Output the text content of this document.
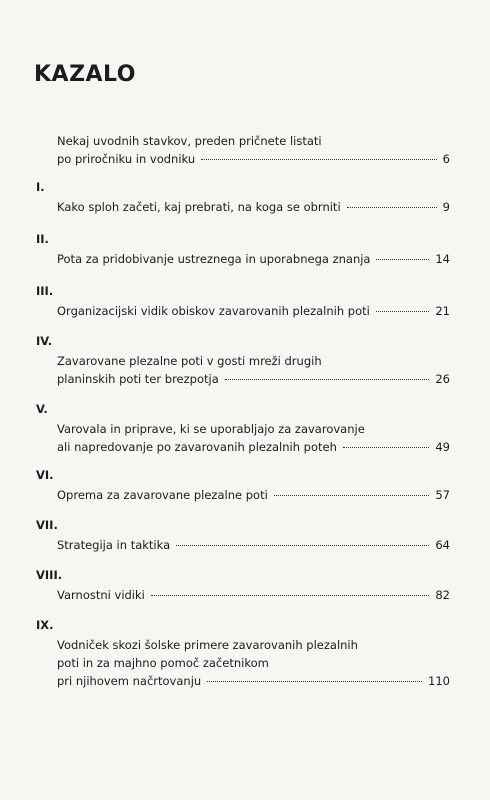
KAZALO
Nekaj uvodnih stavkov, preden pričnete listati
po priročniku in vodniku	6
I.
Kako sploh začeti, kaj prebrati, na koga se obrniti	9
II.
Pota za pridobivanje ustreznega in uporabnega znanja	14
III.
Organizacijski vidik obiskov zavarovanih plezalnih poti	21
IV.
Zavarovane plezalne poti v gosti mreži drugih
planinskih poti ter brezpotja	26
V.
Varovala in priprave, ki se uporabljajo za zavarovanje
ali napredovanje po zavarovanih plezalnih poteh	49
VI.
Oprema za zavarovane plezalne poti	57
VII.
Strategija in taktika	64
VIII.
Varnostni vidiki	82
IX.
Vodniček skozi šolske primere zavarovanih plezalnih
poti in za majhno pomoč začetnikom
pri njihovem načrtovanju	110
